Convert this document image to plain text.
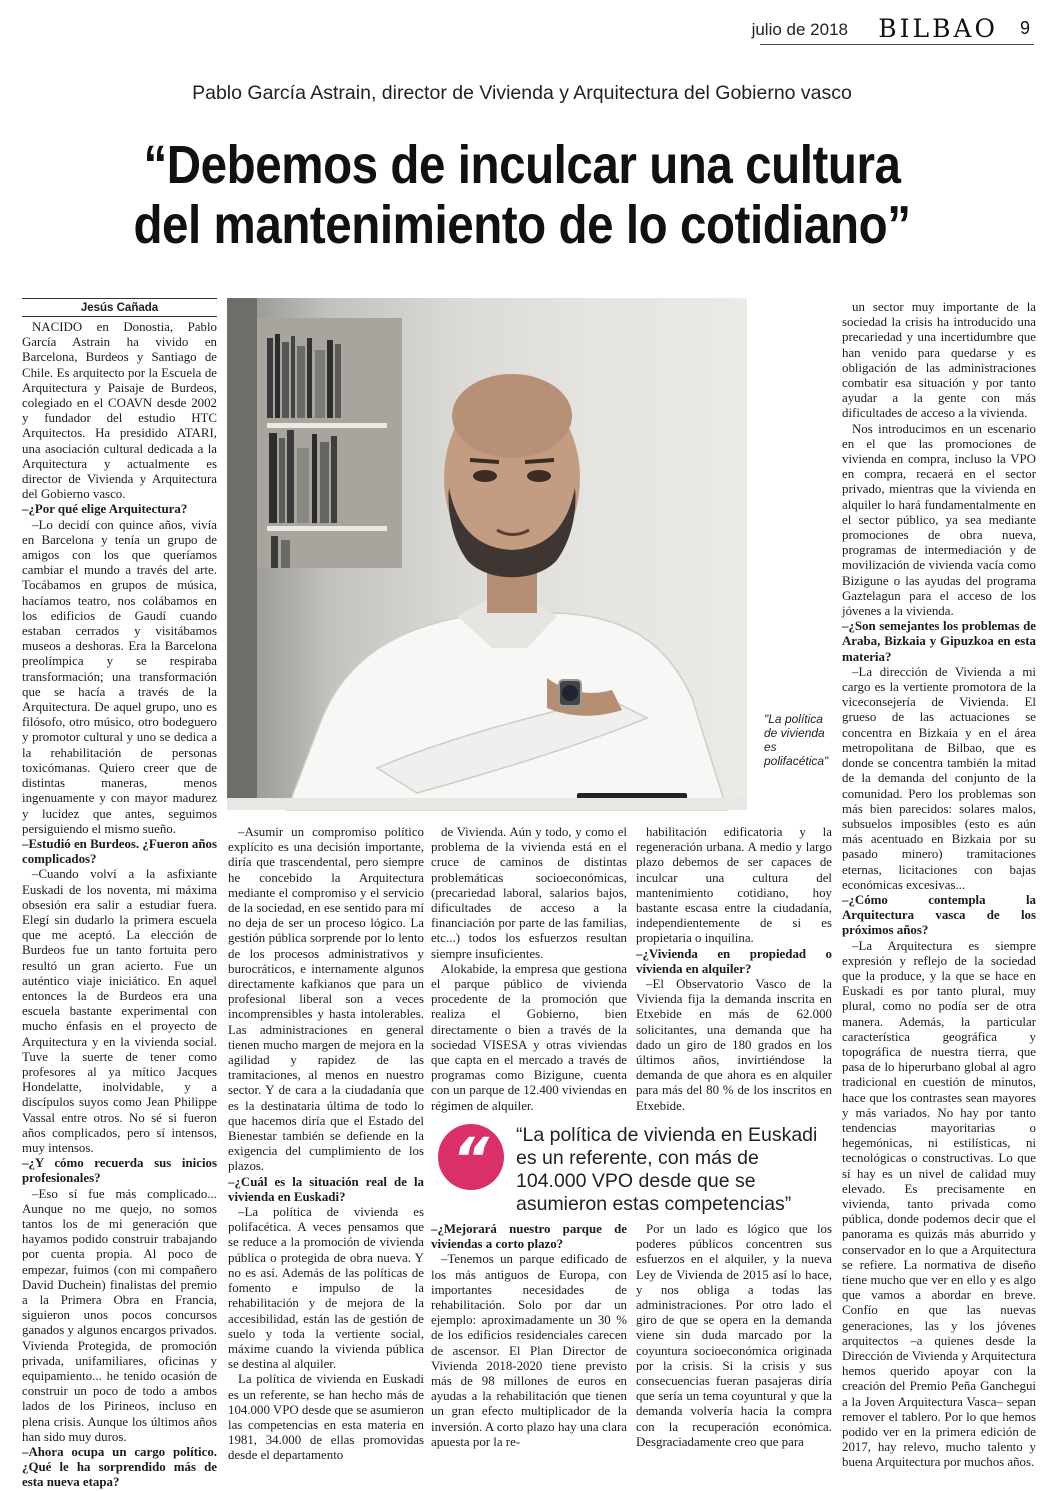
julio de 2018 BILBAO 9
Pablo García Astrain, director de Vivienda y Arquitectura del Gobierno vasco
“Debemos de inculcar una cultura
del mantenimiento de lo cotidiano”
Jesús Cañada

NACIDO en Donostia, Pablo García Astrain ha vivido en Barcelona, Burdeos y Santiago de Chile. Es arquitecto por la Escuela de Arquitectura y Paisaje de Burdeos, colegiado en el COAVN desde 2002 y fundador del estudio HTC Arquitectos. Ha presidido ATARI, una asociación cultural dedicada a la Arquitectura y actualmente es director de Vivienda y Arquitectura del Gobierno vasco.

–¿Por qué elige Arquitectura?

–Lo decidí con quince años, vivía en Barcelona y tenía un grupo de amigos con los que queríamos cambiar el mundo a través del arte. Tocábamos en grupos de música, hacíamos teatro, nos colábamos en los edificios de Gaudí cuando estaban cerrados y visitábamos museos a deshoras. Era la Barcelona preolímpica y se respiraba transformación; una transformación que se hacía a través de la Arquitectura. De aquel grupo, uno es filósofo, otro músico, otro bodeguero y promotor cultural y uno se dedica a la rehabilitación de personas toxicómanas. Quiero creer que de distintas maneras, menos ingenuamente y con mayor madurez y lucidez que antes, seguimos persiguiendo el mismo sueño.

–Estudió en Burdeos. ¿Fueron años complicados?

–Cuando volví a la asfixiante Euskadi de los noventa, mi máxima obsesión era salir a estudiar fuera. Elegí sin dudarlo la primera escuela que me aceptó. La elección de Burdeos fue un tanto fortuita pero resultó un gran acierto. Fue un auténtico viaje iniciático. En aquel entonces la de Burdeos era una escuela bastante experimental con mucho énfasis en el proyecto de Arquitectura y en la vivienda social. Tuve la suerte de tener como profesores al ya mítico Jacques Hondelatte, inolvidable, y a discípulos suyos como Jean Philippe Vassal entre otros. No sé si fueron años complicados, pero sí intensos, muy intensos.

–¿Y cómo recuerda sus inicios profesionales?

–Eso sí fue más complicado... Aunque no me quejo, no somos tantos los de mi generación que hayamos podido construir trabajando por cuenta propia. Al poco de empezar, fuimos (con mi compañero David Duchein) finalistas del premio a la Primera Obra en Francia, siguieron unos pocos concursos ganados y algunos encargos privados. Vivienda Protegida, de promoción privada, unifamiliares, oficinas y equipamiento... he tenido ocasión de construir un poco de todo a ambos lados de los Pirineos, incluso en plena crisis. Aunque los últimos años han sido muy duros.

–Ahora ocupa un cargo político. ¿Qué le ha sorprendido más de esta nueva etapa?

"La política de vivienda es polifacética"

–Asumir un compromiso político explícito es una decisión importante, diría que trascendental, pero siempre he concebido la Arquitectura mediante el compromiso y el servicio de la sociedad, en ese sentido para mí no deja de ser un proceso lógico. La gestión pública sorprende por lo lento de los procesos administrativos y burocráticos, e internamente algunos directamente kafkianos que para un profesional liberal son a veces incomprensibles y hasta intolerables. Las administraciones en general tienen mucho margen de mejora en la agilidad y rapidez de las tramitaciones, al menos en nuestro sector. Y de cara a la ciudadanía que es la destinataria última de todo lo que hacemos diría que el Estado del Bienestar también se defiende en la exigencia del cumplimiento de los plazos.

–¿Cuál es la situación real de la vivienda en Euskadi?

–La política de vivienda es polifacética. A veces pensamos que se reduce a la promoción de vivienda pública o protegida de obra nueva. Y no es así. Además de las políticas de fomento e impulso de la rehabilitación y de mejora de la accesibilidad, están las de gestión de suelo y toda la vertiente social, máxime cuando la vivienda pública se destina al alquiler.

La política de vivienda en Euskadi es un referente, se han hecho más de 104.000 VPO desde que se asumieron las competencias en esta materia en 1981, 34.000 de ellas promovidas desde el departamento

de Vivienda. Aún y todo, y como el problema de la vivienda está en el cruce de caminos de distintas problemáticas socioeconómicas, (precariedad laboral, salarios bajos, dificultades de acceso a la financiación por parte de las familias, etc...) todos los esfuerzos resultan siempre insuficientes.

Alokabide, la empresa que gestiona el parque público de vivienda procedente de la promoción que realiza el Gobierno, bien directamente o bien a través de la sociedad VISESA y otras viviendas que capta en el mercado a través de programas como Bizigune, cuenta con un parque de 12.400 viviendas en régimen de alquiler.

habilitación edificatoria y la regeneración urbana. A medio y largo plazo debemos de ser capaces de inculcar una cultura del mantenimiento cotidiano, hoy bastante escasa entre la ciudadanía, independientemente de si es propietaria o inquilina.

–¿Vivienda en propiedad o vivienda en alquiler?

–El Observatorio Vasco de la Vivienda fija la demanda inscrita en Etxebide en más de 62.000 solicitantes, una demanda que ha dado un giro de 180 grados en los últimos años, invirtiéndose la demanda de que ahora es en alquiler para más del 80 % de los inscritos en Etxebide.

“ “La política de vivienda en Euskadi es un referente, con más de 104.000 VPO desde que se asumieron estas competencias”

–¿Mejorará nuestro parque de viviendas a corto plazo?

–Tenemos un parque edificado de los más antiguos de Europa, con importantes necesidades de rehabilitación. Solo por dar un ejemplo: aproximadamente un 30 % de los edificios residenciales carecen de ascensor. El Plan Director de Vivienda 2018-2020 tiene previsto más de 98 millones de euros en ayudas a la rehabilitación que tienen un gran efecto multiplicador de la inversión. A corto plazo hay una clara apuesta por la re-

Por un lado es lógico que los poderes públicos concentren sus esfuerzos en el alquiler, y la nueva Ley de Vivienda de 2015 así lo hace, y nos obliga a todas las administraciones. Por otro lado el giro de que se opera en la demanda viene sin duda marcado por la coyuntura socioeconómica originada por la crisis. Si la crisis y sus consecuencias fueran pasajeras diría que sería un tema coyuntural y que la demanda volvería hacia la compra con la recuperación económica. Desgraciadamente creo que para

un sector muy importante de la sociedad la crisis ha introducido una precariedad y una incertidumbre que han venido para quedarse y es obligación de las administraciones combatir esa situación y por tanto ayudar a la gente con más dificultades de acceso a la vivienda.

Nos introducimos en un escenario en el que las promociones de vivienda en compra, incluso la VPO en compra, recaerá en el sector privado, mientras que la vivienda en alquiler lo hará fundamentalmente en el sector público, ya sea mediante promociones de obra nueva, programas de intermediación y de movilización de vivienda vacía como Bizigune o las ayudas del programa Gaztelagun para el acceso de los jóvenes a la vivienda.

–¿Son semejantes los problemas de Araba, Bizkaia y Gipuzkoa en esta materia?

–La dirección de Vivienda a mi cargo es la vertiente promotora de la viceconsejería de Vivienda. El grueso de las actuaciones se concentra en Bizkaia y en el área metropolitana de Bilbao, que es donde se concentra también la mitad de la demanda del conjunto de la comunidad. Pero los problemas son más bien parecidos: solares malos, subsuelos imposibles (esto es aún más acentuado en Bizkaia por su pasado minero) tramitaciones eternas, licitaciones con bajas económicas excesivas...

–¿Cómo contempla la Arquitectura vasca de los próximos años?

–La Arquitectura es siempre expresión y reflejo de la sociedad que la produce, y la que se hace en Euskadi es por tanto plural, muy plural, como no podía ser de otra manera. Además, la particular característica geográfica y topográfica de nuestra tierra, que pasa de lo hiperurbano global al agro tradicional en cuestión de minutos, hace que los contrastes sean mayores y más variados. No hay por tanto tendencias mayoritarias o hegemónicas, ni estilísticas, ni tecnológicas o constructivas. Lo que sí hay es un nivel de calidad muy elevado. Es precisamente en vivienda, tanto privada como pública, donde podemos decir que el panorama es quizás más aburrido y conservador en lo que a Arquitectura se refiere. La normativa de diseño tiene mucho que ver en ello y es algo que vamos a abordar en breve. Confío en que las nuevas generaciones, las y los jóvenes arquitectos –a quienes desde la Dirección de Vivienda y Arquitectura hemos querido apoyar con la creación del Premio Peña Ganchegui a la Joven Arquitectura Vasca– sepan remover el tablero. Por lo que hemos podido ver en la primera edición de 2017, hay relevo, mucho talento y buena Arquitectura por muchos años.
